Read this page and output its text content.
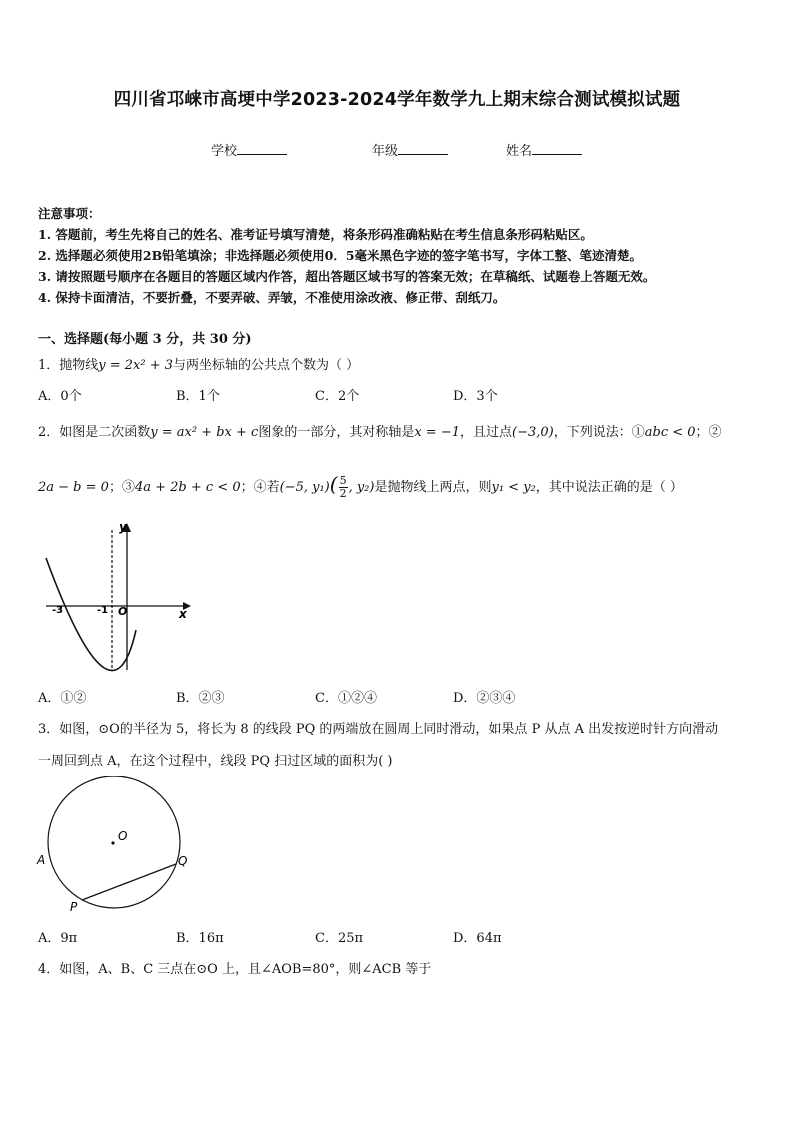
四川省邛崃市高埂中学2023-2024学年数学九上期末综合测试模拟试题
学校	年级	姓名
注意事项：
1. 答题前，考生先将自己的姓名、准考证号填写清楚，将条形码准确粘贴在考生信息条形码粘贴区。
2. 选择题必须使用2B铅笔填涂；非选择题必须使用0．5毫米黑色字迹的签字笔书写，字体工整、笔迹清楚。
3. 请按照题号顺序在各题目的答题区域内作答，超出答题区域书写的答案无效；在草稿纸、试题卷上答题无效。
4. 保持卡面清洁，不要折叠，不要弄破、弄皱，不准使用涂改液、修正带、刮纸刀。
一、选择题(每小题 3 分，共 30 分)
1．抛物线y = 2x² + 3与两坐标轴的公共点个数为（ ）
A．0个	B．1个	C．2个	D．3个
2．如图是二次函数y = ax² + bx + c图象的一部分，其对称轴是x = −1，且过点(−3,0)，下列说法：①abc < 0；②
2a − b = 0；③4a + 2b + c < 0；④若(−5, $y_1)( \frac{5}{2}$ , y₂)是抛物线上两点，则y₁ < y₂，其中说法正确的是（ ）
y
x
-3	-1 O
A．①②	B．②③	C．①②④	D．②③④
3．如图，⊙O的半径为 5，将长为 8 的线段 PQ 的两端放在圆周上同时滑动，如果点 P 从点 A 出发按逆时针方向滑动
一周回到点 A，在这个过程中，线段 PQ 扫过区域的面积为( )
O
A
P
Q
A．9π	B．16π	C．25π	D．64π
4．如图，A、B、C 三点在⊙O 上，且∠AOB=80°，则∠ACB 等于
